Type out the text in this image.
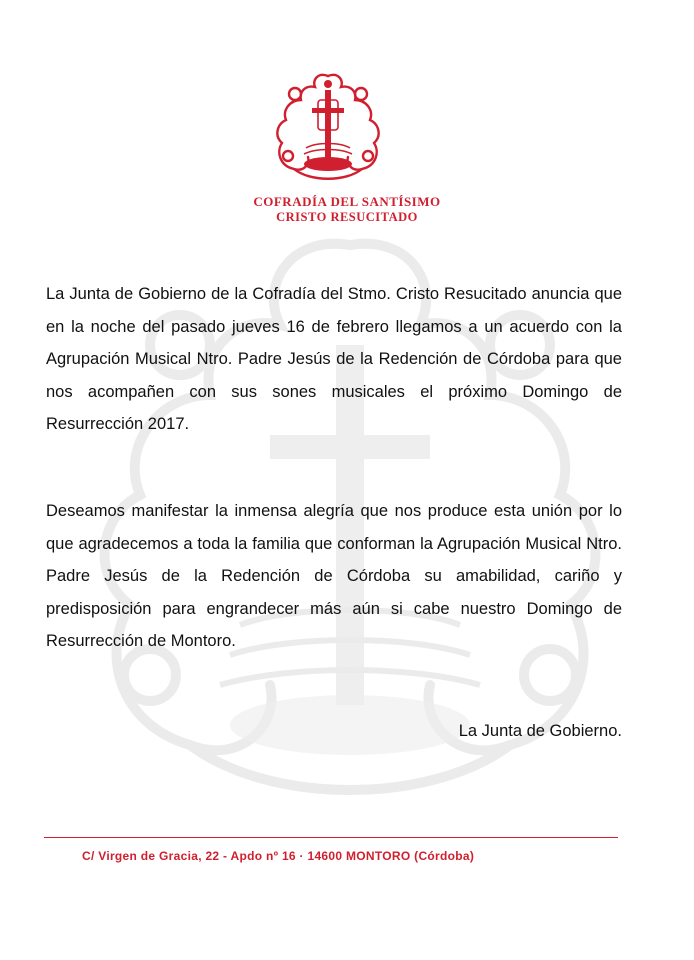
COFRADÍA DEL SANTÍSIMO
CRISTO RESUCITADO

La Junta de Gobierno de la Cofradía del Stmo. Cristo Resucitado anuncia que en la noche del pasado jueves 16 de febrero llegamos a un acuerdo con la Agrupación Musical Ntro. Padre Jesús de la Redención de Córdoba para que nos acompañen con sus sones musicales el próximo Domingo de Resurrección 2017.

Deseamos manifestar la inmensa alegría que nos produce esta unión por lo que agradecemos a toda la familia que conforman la Agrupación Musical Ntro. Padre Jesús de la Redención de Córdoba su amabilidad, cariño y predisposición para engrandecer más aún si cabe nuestro Domingo de Resurrección de Montoro.

La Junta de Gobierno.
C/ Virgen de Gracia, 22 - Apdo nº 16 · 14600 MONTORO (Córdoba)
